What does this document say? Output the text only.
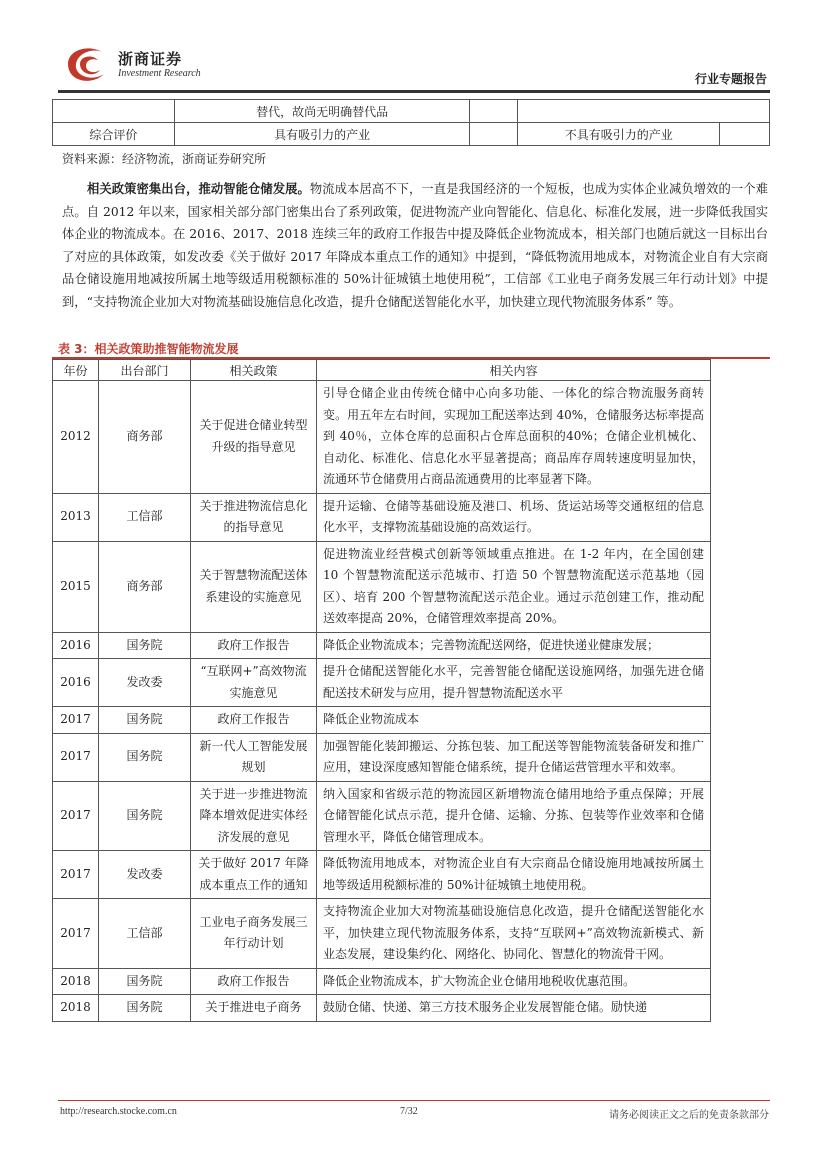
浙商证券
Investment Research	行业专题报告
	替代，故尚无明确替代品			
综合评价	具有吸引力的产业		不具有吸引力的产业	
资料来源：经济物流，浙商证券研究所
相关政策密集出台，推动智能仓储发展。物流成本居高不下，一直是我国经济的一个短板，也成为实体企业减负增效的一个难点。自 2012 年以来，国家相关部分部门密集出台了系列政策，促进物流产业向智能化、信息化、标准化发展，进一步降低我国实体企业的物流成本。在 2016、2017、2018 连续三年的政府工作报告中提及降低企业物流成本，相关部门也随后就这一目标出台了对应的具体政策，如发改委《关于做好 2017 年降成本重点工作的通知》中提到，“降低物流用地成本，对物流企业自有大宗商品仓储设施用地减按所属土地等级适用税额标准的 50%计征城镇土地使用税”，工信部《工业电子商务发展三年行动计划》中提到，“支持物流企业加大对物流基础设施信息化改造，提升仓储配送智能化水平，加快建立现代物流服务体系” 等。
表 3：相关政策助推智能物流发展
年份	出台部门	相关政策	相关内容
2012	商务部	关于促进仓储业转型升级的指导意见	引导仓储企业由传统仓储中心向多功能、一体化的综合物流服务商转变。用五年左右时间，实现加工配送率达到 40%，仓储服务达标率提高到 40％，立体仓库的总面积占仓库总面积的40%；仓储企业机械化、自动化、标准化、信息化水平显著提高；商品库存周转速度明显加快，流通环节仓储费用占商品流通费用的比率显著下降。
2013	工信部	关于推进物流信息化的指导意见	提升运输、仓储等基础设施及港口、机场、货运站场等交通枢纽的信息化水平，支撑物流基础设施的高效运行。
2015	商务部	关于智慧物流配送体系建设的实施意见	促进物流业经营模式创新等领域重点推进。在 1-2 年内，在全国创建 10 个智慧物流配送示范城市、打造 50 个智慧物流配送示范基地（园区）、培育 200 个智慧物流配送示范企业。通过示范创建工作，推动配送效率提高 20%，仓储管理效率提高 20%。
2016	国务院	政府工作报告	降低企业物流成本；完善物流配送网络，促进快递业健康发展；
2016	发改委	“互联网+”高效物流实施意见	提升仓储配送智能化水平，完善智能仓储配送设施网络，加强先进仓储配送技术研发与应用，提升智慧物流配送水平
2017	国务院	政府工作报告	降低企业物流成本
2017	国务院	新一代人工智能发展规划	加强智能化装卸搬运、分拣包装、加工配送等智能物流装备研发和推广应用，建设深度感知智能仓储系统，提升仓储运营管理水平和效率。
2017	国务院	关于进一步推进物流降本增效促进实体经济发展的意见	纳入国家和省级示范的物流园区新增物流仓储用地给予重点保障；开展仓储智能化试点示范，提升仓储、运输、分拣、包装等作业效率和仓储管理水平，降低仓储管理成本。
2017	发改委	关于做好 2017 年降成本重点工作的通知	降低物流用地成本，对物流企业自有大宗商品仓储设施用地减按所属土地等级适用税额标准的 50%计征城镇土地使用税。
2017	工信部	工业电子商务发展三年行动计划	支持物流企业加大对物流基础设施信息化改造，提升仓储配送智能化水平，加快建立现代物流服务体系，支持“互联网+”高效物流新模式、新业态发展，建设集约化、网络化、协同化、智慧化的物流骨干网。
2018	国务院	政府工作报告	降低企业物流成本，扩大物流企业仓储用地税收优惠范围。
2018	国务院	关于推进电子商务	鼓励仓储、快递、第三方技术服务企业发展智能仓储。励快递
http://research.stocke.com.cn	7/32	请务必阅读正文之后的免责条款部分
